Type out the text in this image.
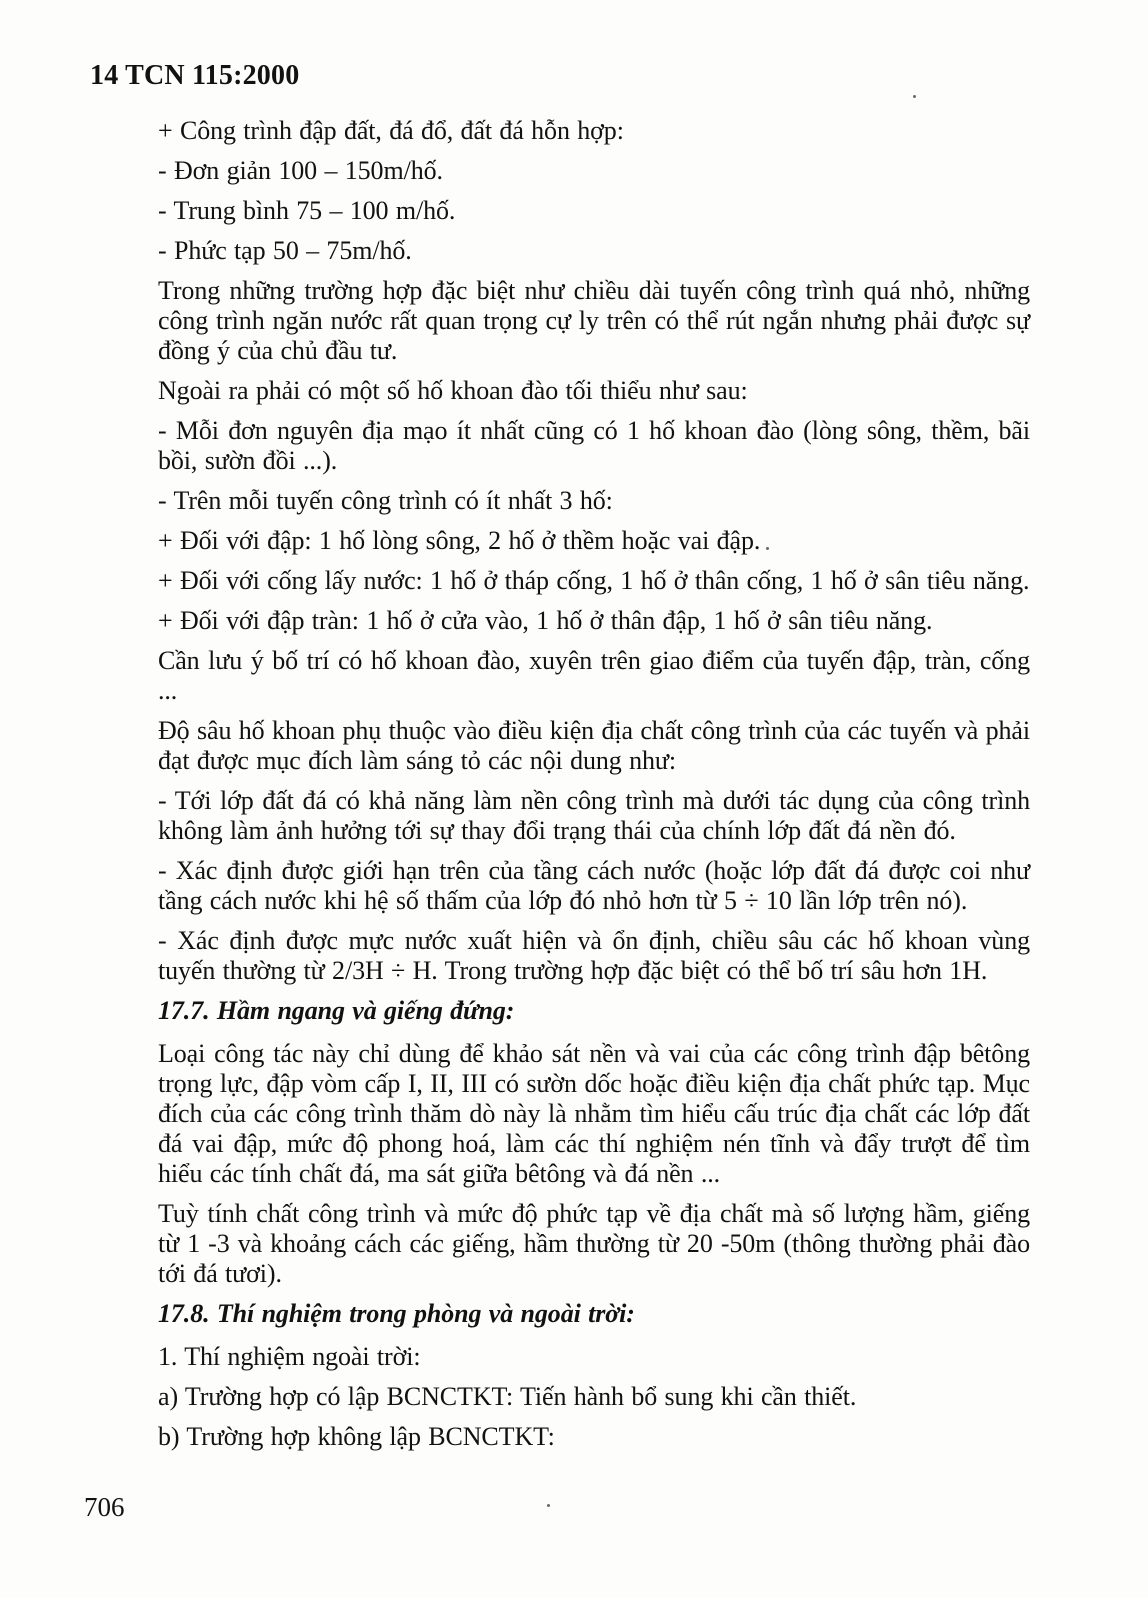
14 TCN 115:2000

+ Công trình đập đất, đá đổ, đất đá hỗn hợp:

- Đơn giản 100 – 150m/hố.

- Trung bình 75 – 100 m/hố.

- Phức tạp 50 – 75m/hố.

Trong những trường hợp đặc biệt như chiều dài tuyến công trình quá nhỏ, những công trình ngăn nước rất quan trọng cự ly trên có thể rút ngắn nhưng phải được sự đồng ý của chủ đầu tư.

Ngoài ra phải có một số hố khoan đào tối thiểu như sau:

- Mỗi đơn nguyên địa mạo ít nhất cũng có 1 hố khoan đào (lòng sông, thềm, bãi bồi, sườn đồi ...).

- Trên mỗi tuyến công trình có ít nhất 3 hố:

+ Đối với đập: 1 hố lòng sông, 2 hố ở thềm hoặc vai đập.

+ Đối với cống lấy nước: 1 hố ở tháp cống, 1 hố ở thân cống, 1 hố ở sân tiêu năng.

+ Đối với đập tràn: 1 hố ở cửa vào, 1 hố ở thân đập, 1 hố ở sân tiêu năng.

Cần lưu ý bố trí có hố khoan đào, xuyên trên giao điểm của tuyến đập, tràn, cống ...

Độ sâu hố khoan phụ thuộc vào điều kiện địa chất công trình của các tuyến và phải đạt được mục đích làm sáng tỏ các nội dung như:

- Tới lớp đất đá có khả năng làm nền công trình mà dưới tác dụng của công trình không làm ảnh hưởng tới sự thay đổi trạng thái của chính lớp đất đá nền đó.

- Xác định được giới hạn trên của tầng cách nước (hoặc lớp đất đá được coi như tầng cách nước khi hệ số thấm của lớp đó nhỏ hơn từ 5 ÷ 10 lần lớp trên nó).

- Xác định được mực nước xuất hiện và ổn định, chiều sâu các hố khoan vùng tuyến thường từ 2/3H ÷ H. Trong trường hợp đặc biệt có thể bố trí sâu hơn 1H.

17.7. Hầm ngang và giếng đứng:

Loại công tác này chỉ dùng để khảo sát nền và vai của các công trình đập bêtông trọng lực, đập vòm cấp I, II, III có sườn dốc hoặc điều kiện địa chất phức tạp. Mục đích của các công trình thăm dò này là nhằm tìm hiểu cấu trúc địa chất các lớp đất đá vai đập, mức độ phong hoá, làm các thí nghiệm nén tĩnh và đẩy trượt để tìm hiểu các tính chất đá, ma sát giữa bêtông và đá nền ...

Tuỳ tính chất công trình và mức độ phức tạp về địa chất mà số lượng hầm, giếng từ 1 -3 và khoảng cách các giếng, hầm thường từ 20 -50m (thông thường phải đào tới đá tươi).

17.8. Thí nghiệm trong phòng và ngoài trời:

1. Thí nghiệm ngoài trời:

a) Trường hợp có lập BCNCTKT: Tiến hành bổ sung khi cần thiết.

b) Trường hợp không lập BCNCTKT:

706
